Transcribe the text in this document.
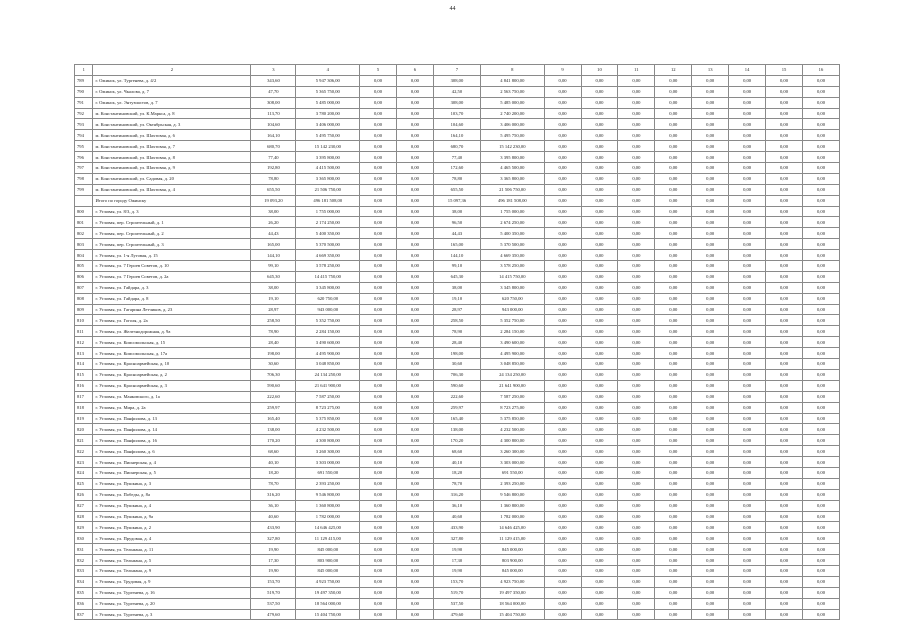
44
1	2	3	4	5	6	7	8	9	10	11	12	13	14	15	16
789	г. Ожинск, ул. Тургенева, д. 4/2	343,60	5 947 306,00	0,00	0,00	308,00	4 841 800,00	0,00	0,00	0,00	0,00	0,00	0,00	0,00	0,00
790	г. Ожинск, ул. Чкалова, д. 7	47,70	5 365 750,00	0,00	0,00	42,50	2 563 750,00	0,00	0,00	0,00	0,00	0,00	0,00	0,00	0,00
791	г. Ожинск, ул. Энтузиастов, д. 7	308,00	5 485 000,00	0,00	0,00	308,00	5 485 000,00	0,00	0,00	0,00	0,00	0,00	0,00	0,00	0,00
792	м. Константиновский, ул. К.Маркса, д. 8	113,70	3 780 200,00	0,00	0,00	103,70	2 740 200,00	0,00	0,00	0,00	0,00	0,00	0,00	0,00	0,00
793	м. Константиновский, ул. Октябрьская, д. 3	104,60	3 406 000,00	0,00	0,00	104,60	3 406 000,00	0,00	0,00	0,00	0,00	0,00	0,00	0,00	0,00
794	м. Константиновский, ул. Шахтовая, д. 6	164,10	5 495 750,00	0,00	0,00	164,10	5 495 750,00	0,00	0,00	0,00	0,00	0,00	0,00	0,00	0,00
795	м. Константиновский, ул. Шахтовая, д. 7	680,70	15 142 230,00	0,00	0,00	680,70	15 142 230,00	0,00	0,00	0,00	0,00	0,00	0,00	0,00	0,00
796	м. Константиновский, ул. Шахтовая, д. 8	77,40	3 395 800,00	0,00	0,00	77,40	3 395 800,00	0,00	0,00	0,00	0,00	0,00	0,00	0,00	0,00
797	м. Константиновский, ул. Шахтовая, д. 9	192,80	4 415 500,00	0,00	0,00	172,60	4 465 500,00	0,00	0,00	0,00	0,00	0,00	0,00	0,00	0,00
798	м. Константиновский, ул. Садовая, д. 20	78,80	3 365 800,00	0,00	0,00	78,80	3 365 800,00	0,00	0,00	0,00	0,00	0,00	0,00	0,00	0,00
799	м. Константиновский, ул. Шахтовая, д. 4	655,50	21 506 750,00	0,00	0,00	655,50	21 506 750,00	0,00	0,00	0,00	0,00	0,00	0,00	0,00	0,00
	Итого по городу Ожинску	19 093,20	496 181 508,00	0,00	0,00	15 097,36	496 181 508,00	0,00	0,00	0,00	0,00	0,00	0,00	0,00	0,00
800	г. Угловая, ул. 8/3, д. 3	38,00	1 755 000,00	0,00	0,00	38,00	1 755 000,00	0,00	0,00	0,00	0,00	0,00	0,00	0,00	0,00
801	г. Угловая, пер. Строительный, д. 1	26,20	2 174 250,00	0,00	0,00	96,50	2 674 250,00	0,00	0,00	0,00	0,00	0,00	0,00	0,00	0,00
802	г. Угловая, пер. Строительный, д. 2	44,43	5 400 350,00	0,00	0,00	44,43	5 400 350,00	0,00	0,00	0,00	0,00	0,00	0,00	0,00	0,00
803	г. Угловая, пер. Строительный, д. 3	165,00	5 370 500,00	0,00	0,00	165,00	5 370 500,00	0,00	0,00	0,00	0,00	0,00	0,00	0,00	0,00
804	г. Угловая, ул. 1-я Луговая, д. 15	144,10	4 669 350,00	0,00	0,00	144,10	4 669 350,00	0,00	0,00	0,00	0,00	0,00	0,00	0,00	0,00
805	г. Угловая, ул. 7 Героев Советов, д. 10	99,10	3 578 250,00	0,00	0,00	99,10	3 578 250,00	0,00	0,00	0,00	0,00	0,00	0,00	0,00	0,00
806	г. Угловая, ул. 7 Героев Советов, д. 2а	645,30	14 415 750,00	0,00	0,00	645,30	14 415 750,00	0,00	0,00	0,00	0,00	0,00	0,00	0,00	0,00
807	г. Угловая, ул. Гайдара, д. 3	38,00	3 345 800,00	0,00	0,00	38,00	3 345 800,00	0,00	0,00	0,00	0,00	0,00	0,00	0,00	0,00
808	г. Угловая, ул. Гайдара, д. 8	19,10	620 750,00	0,00	0,00	19,10	620 750,00	0,00	0,00	0,00	0,00	0,00	0,00	0,00	0,00
809	г. Угловая, ул. Гагарина Летчиков, д. 23	28,97	943 000,00	0,00	0,00	28,97	943 000,00	0,00	0,00	0,00	0,00	0,00	0,00	0,00	0,00
810	г. Угловая, ул. Гоголя, д. 2а	258,50	5 352 750,00	0,00	0,00	258,50	5 352 750,00	0,00	0,00	0,00	0,00	0,00	0,00	0,00	0,00
811	г. Угловая, ул. Железнодорожная, д. 9а	78,90	2 284 150,00	0,00	0,00	78,90	2 284 150,00	0,00	0,00	0,00	0,00	0,00	0,00	0,00	0,00
812	г. Угловая, ул. Комсомольская, д. 15	28,40	3 490 600,00	0,00	0,00	28,40	3 490 600,00	0,00	0,00	0,00	0,00	0,00	0,00	0,00	0,00
813	г. Угловая, ул. Комсомольская, д. 17а	198,00	4 495 900,00	0,00	0,00	198,00	4 495 900,00	0,00	0,00	0,00	0,00	0,00	0,00	0,00	0,00
814	г. Угловая, ул. Красноармейская, д. 10	30,60	3 048 850,00	0,00	0,00	30,60	3 048 850,00	0,00	0,00	0,00	0,00	0,00	0,00	0,00	0,00
815	г. Угловая, ул. Красноармейская, д. 2	706,30	24 134 250,00	0,00	0,00	706,30	24 134 250,00	0,00	0,00	0,00	0,00	0,00	0,00	0,00	0,00
816	г. Угловая, ул. Красноармейская, д. 3	590,60	21 641 900,00	0,00	0,00	590,60	21 641 900,00	0,00	0,00	0,00	0,00	0,00	0,00	0,00	0,00
817	г. Угловая, ул. Маяковского, д. 1а	222,60	7 587 250,00	0,00	0,00	222,60	7 587 250,00	0,00	0,00	0,00	0,00	0,00	0,00	0,00	0,00
818	г. Угловая, ул. Мира, д. 2а	259,97	8 723 275,00	0,00	0,00	259,97	8 723 275,00	0,00	0,00	0,00	0,00	0,00	0,00	0,00	0,00
819	г. Угловая, ул. Панфилова, д. 13	165,40	5 375 850,00	0,00	0,00	165,40	5 375 850,00	0,00	0,00	0,00	0,00	0,00	0,00	0,00	0,00
820	г. Угловая, ул. Панфилова, д. 14	138,00	4 232 500,00	0,00	0,00	138,00	4 232 500,00	0,00	0,00	0,00	0,00	0,00	0,00	0,00	0,00
821	г. Угловая, ул. Панфилова, д. 16	170,20	4 300 800,00	0,00	0,00	170,20	4 300 800,00	0,00	0,00	0,00	0,00	0,00	0,00	0,00	0,00
822	г. Угловая, ул. Панфилова, д. 6	68,60	3 260 300,00	0,00	0,00	68,60	3 260 300,00	0,00	0,00	0,00	0,00	0,00	0,00	0,00	0,00
823	г. Угловая, ул. Пионерская, д. 4	40,10	3 303 000,00	0,00	0,00	40,10	3 303 000,00	0,00	0,00	0,00	0,00	0,00	0,00	0,00	0,00
824	г. Угловая, ул. Пионерская, д. 5	18,20	691 550,00	0,00	0,00	18,20	691 550,00	0,00	0,00	0,00	0,00	0,00	0,00	0,00	0,00
825	г. Угловая, ул. Пушкина, д. 3	78,70	2 393 250,00	0,00	0,00	78,70	2 393 250,00	0,00	0,00	0,00	0,00	0,00	0,00	0,00	0,00
826	г. Угловая, ул. Победы, д. 8а	316,20	9 546 800,00	0,00	0,00	316,20	9 546 800,00	0,00	0,00	0,00	0,00	0,00	0,00	0,00	0,00
827	г. Угловая, ул. Пушкина, д. 4	36,10	1 360 800,00	0,00	0,00	36,10	1 360 800,00	0,00	0,00	0,00	0,00	0,00	0,00	0,00	0,00
828	г. Угловая, ул. Пушкина, д. 9а	40,60	1 782 000,00	0,00	0,00	40,60	1 782 000,00	0,00	0,00	0,00	0,00	0,00	0,00	0,00	0,00
829	г. Угловая, ул. Пушкина, д. 2	433,90	14 646 425,00	0,00	0,00	433,90	14 646 425,00	0,00	0,00	0,00	0,00	0,00	0,00	0,00	0,00
830	г. Угловая, ул. Прудовая, д. 4	327,80	11 129 415,00	0,00	0,00	327,80	11 129 415,00	0,00	0,00	0,00	0,00	0,00	0,00	0,00	0,00
831	г. Угловая, ул. Тельмана, д. 11	19,90	845 000,00	0,00	0,00	19,90	845 000,00	0,00	0,00	0,00	0,00	0,00	0,00	0,00	0,00
832	г. Угловая, ул. Тельмана, д. 5	17,30	803 900,00	0,00	0,00	17,30	803 900,00	0,00	0,00	0,00	0,00	0,00	0,00	0,00	0,00
833	г. Угловая, ул. Тельмана, д. 9	19,90	845 000,00	0,00	0,00	19,90	845 000,00	0,00	0,00	0,00	0,00	0,00	0,00	0,00	0,00
834	г. Угловая, ул. Трудовая, д. 9	153,70	4 923 750,00	0,00	0,00	153,70	4 923 750,00	0,00	0,00	0,00	0,00	0,00	0,00	0,00	0,00
835	г. Угловая, ул. Тургенева, д. 16	519,70	19 497 350,00	0,00	0,00	519,70	19 497 350,00	0,00	0,00	0,00	0,00	0,00	0,00	0,00	0,00
836	г. Угловая, ул. Тургенева, д. 20	537,50	18 564 000,00	0,00	0,00	537,50	18 564 000,00	0,00	0,00	0,00	0,00	0,00	0,00	0,00	0,00
837	г. Угловая, ул. Тургенева, д. 3	479,60	15 404 750,00	0,00	0,00	479,60	15 404 750,00	0,00	0,00	0,00	0,00	0,00	0,00	0,00	0,00
